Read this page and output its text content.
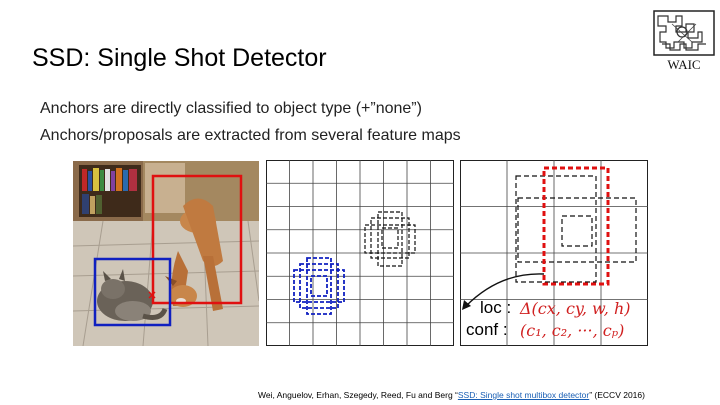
SSD: Single Shot Detector
Anchors are directly classified to object type (+”none”)
Anchors/proposals are extracted from several feature maps
WAIC
loc :
conf :
Δ(cx, cy, w, h)
(c₁, c₂, ···, cₚ)
Wei, Anguelov, Erhan, Szegedy, Reed, Fu and Berg “SSD: Single shot multibox detector” (ECCV 2016)
